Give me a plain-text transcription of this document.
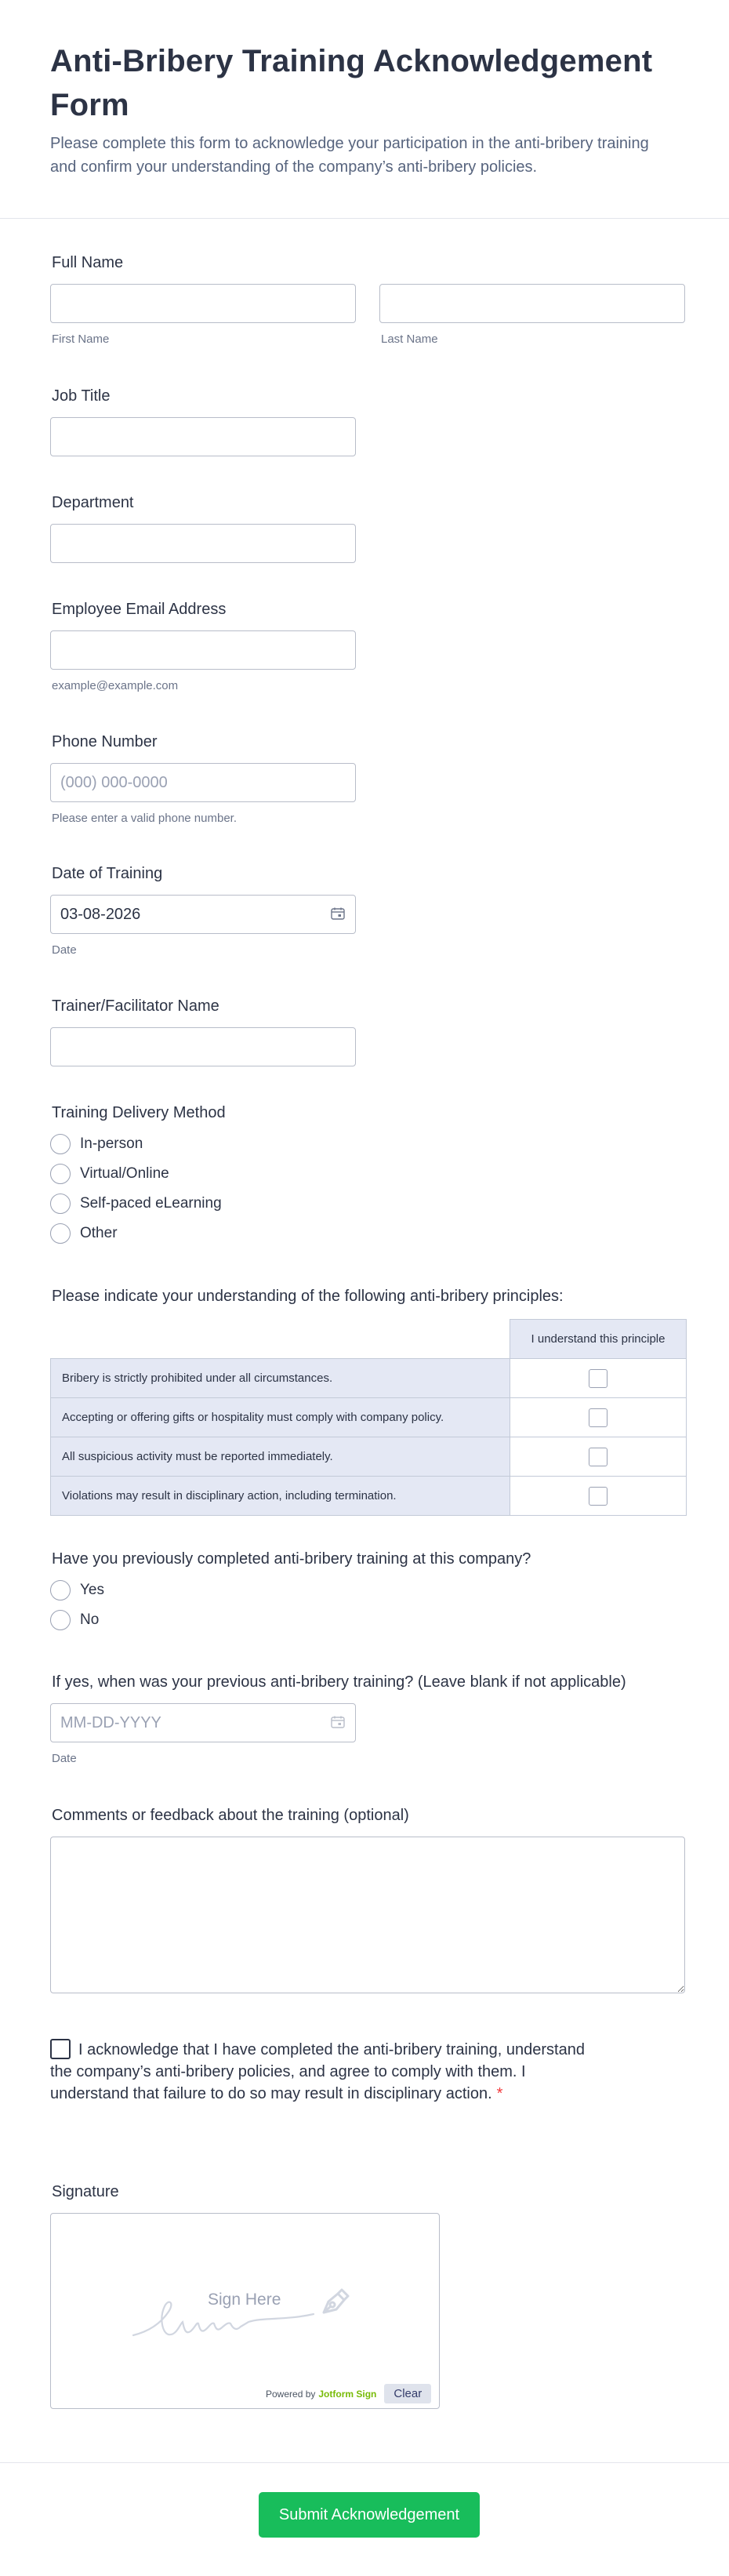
Anti-Bribery Training Acknowledgement Form

Please complete this form to acknowledge your participation in the anti-bribery training and confirm your understanding of the company’s anti-bribery policies.

Full Name
First Name	Last Name
Job Title
Department
Employee Email Address
example@example.com
Phone Number
(000) 000-0000
Please enter a valid phone number.
Date of Training
03-08-2026
Date
Trainer/Facilitator Name
Training Delivery Method
In-person
Virtual/Online
Self-paced eLearning
Other
Please indicate your understanding of the following anti-bribery principles:
	I understand this principle
Bribery is strictly prohibited under all circumstances.	
Accepting or offering gifts or hospitality must comply with company policy.	
All suspicious activity must be reported immediately.	
Violations may result in disciplinary action, including termination.	
Have you previously completed anti-bribery training at this company?
Yes
No
If yes, when was your previous anti-bribery training? (Leave blank if not applicable)
MM-DD-YYYY
Date
Comments or feedback about the training (optional)
I acknowledge that I have completed the anti-bribery training, understand the company’s anti-bribery policies, and agree to comply with them. I understand that failure to do so may result in disciplinary action. *
Signature
Sign Here
Powered by Jotform Sign	Clear
Submit Acknowledgement
